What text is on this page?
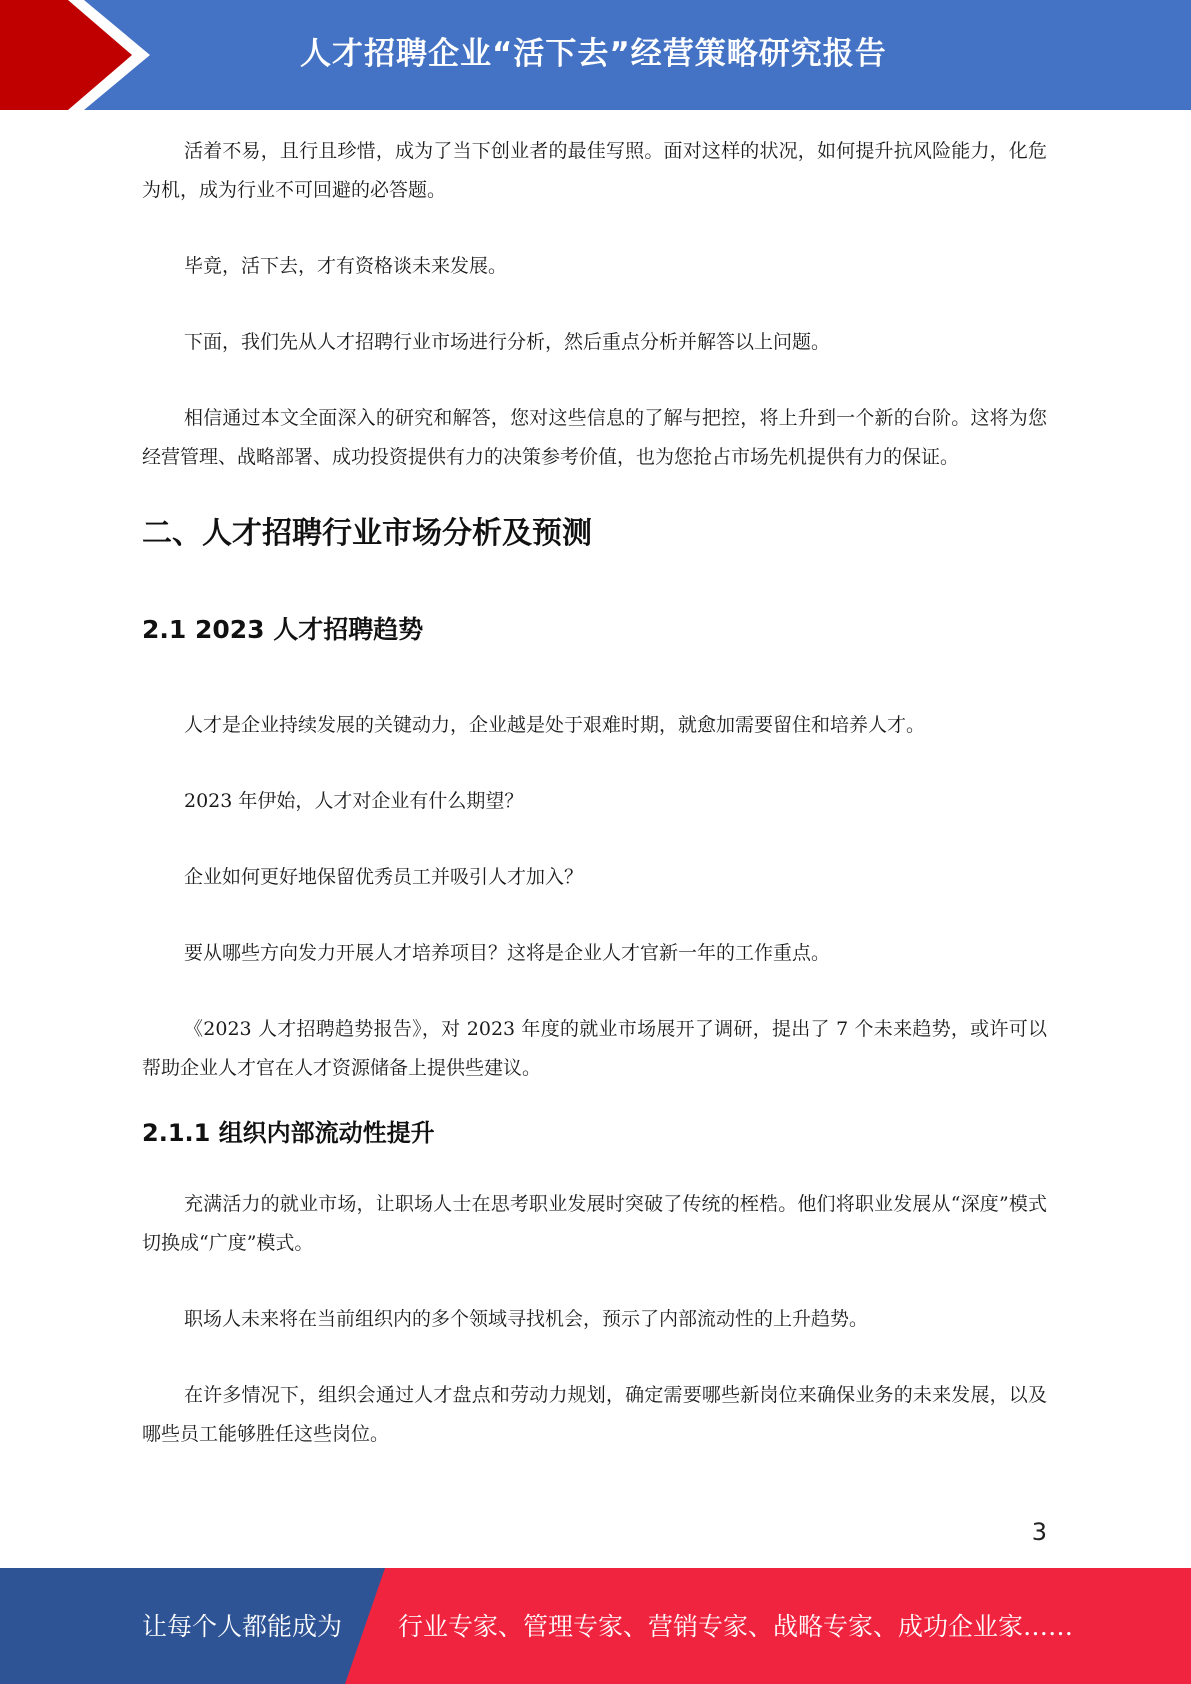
人才招聘企业“活下去”经营策略研究报告

活着不易，且行且珍惜，成为了当下创业者的最佳写照。面对这样的状况，如何提升抗风险能力，化危为机，成为行业不可回避的必答题。

毕竟，活下去，才有资格谈未来发展。

下面，我们先从人才招聘行业市场进行分析，然后重点分析并解答以上问题。

相信通过本文全面深入的研究和解答，您对这些信息的了解与把控，将上升到一个新的台阶。这将为您经营管理、战略部署、成功投资提供有力的决策参考价值，也为您抢占市场先机提供有力的保证。

二、人才招聘行业市场分析及预测
2.1 2023 人才招聘趋势

人才是企业持续发展的关键动力，企业越是处于艰难时期，就愈加需要留住和培养人才。

2023 年伊始，人才对企业有什么期望？

企业如何更好地保留优秀员工并吸引人才加入？

要从哪些方向发力开展人才培养项目？这将是企业人才官新一年的工作重点。

《2023 人才招聘趋势报告》，对 2023 年度的就业市场展开了调研，提出了 7 个未来趋势，或许可以帮助企业人才官在人才资源储备上提供些建议。

2.1.1 组织内部流动性提升

充满活力的就业市场，让职场人士在思考职业发展时突破了传统的桎梏。他们将职业发展从“深度”模式切换成“广度”模式。

职场人未来将在当前组织内的多个领域寻找机会，预示了内部流动性的上升趋势。

在许多情况下，组织会通过人才盘点和劳动力规划，确定需要哪些新岗位来确保业务的未来发展，以及哪些员工能够胜任这些岗位。

3
让每个人都能成为 行业专家、管理专家、营销专家、战略专家、成功企业家……
